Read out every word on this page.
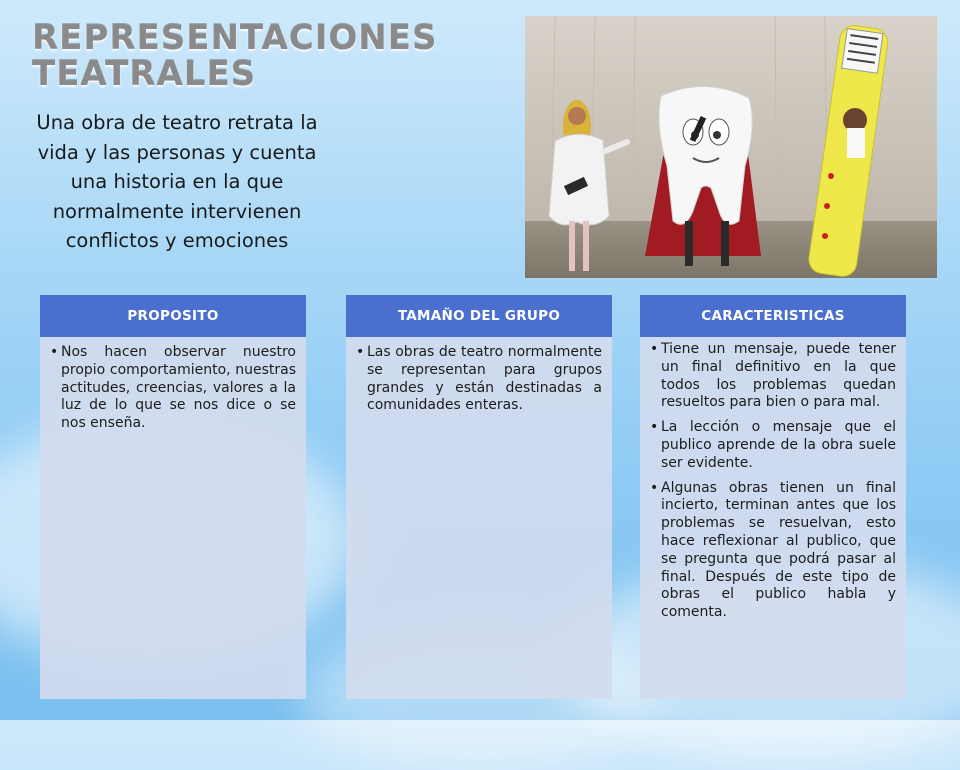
REPRESENTACIONES
TEATRALES

Una obra de teatro retrata la vida y las personas y cuenta una historia en la que normalmente intervienen conflictos y emociones

PROPOSITO
• Nos hacen observar nuestro propio comportamiento, nuestras actitudes, creencias, valores a la luz de lo que se nos dice o se nos enseña.
TAMAÑO DEL GRUPO
• Las obras de teatro normalmente se representan para grupos grandes y están destinadas a comunidades enteras.
CARACTERISTICAS
• Tiene un mensaje, puede tener un final definitivo en la que todos los problemas quedan resueltos para bien o para mal.
• La lección o mensaje que el publico aprende de la obra suele ser evidente.
• Algunas obras tienen un final incierto, terminan antes que los problemas se resuelvan, esto hace reflexionar al publico, que se pregunta que podrá pasar al final. Después de este tipo de obras el publico habla y comenta.
